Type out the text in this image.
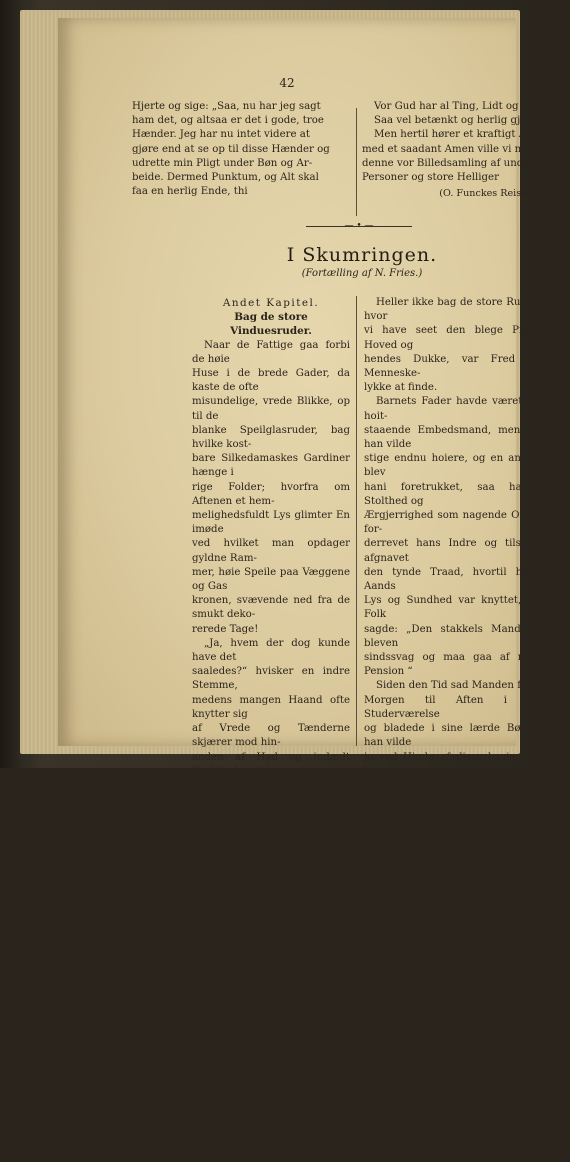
42

Hjerte og sige: „Saa, nu har jeg sagt

ham det, og altsaa er det i gode, troe

Hænder. Jeg har nu intet videre at

gjøre end at se op til disse Hænder og

udrette min Pligt under Bøn og Ar-

beide. Dermed Punktum, og Alt skal

faa en herlig Ende, thi

Vor Gud har al Ting, Lidt og Stort,

Saa vel betænkt og herlig gjort!

Men hertil hører et kraftigt Amen, og

med et saadant Amen ville vi nu forlade

denne vor Billedsamling af underlige

Personer og store Helliger

(O. Funckes Reiseb lleder.)

— • —
I Skumringen.
(Fortælling af N. Fries.)

Andet Kapitel.

Bag de store Vinduesruder.

Naar de Fattige gaa forbi de høie

Huse i de brede Gader, da kaste de ofte

misundelige, vrede Blikke, op til de

blanke Speilglasruder, bag hvilke kost-

bare Silkedamaskes Gardiner hænge i

rige Folder; hvorfra om Aftenen et hem-

melighedsfuldt Lys glimter En imøde

ved hvilket man opdager gyldne Ram-

mer, høie Speile paa Væggene og Gas

kronen, svævende ned fra de smukt deko-

rerede Tage!

„Ja, hvem der dog kunde have det

saaledes?“ hvisker en indre Stemme,

medens mangen Haand ofte knytter sig

af Vrede og Tænderne skjærer mod hin-

anden af Had og indædt Forbitrelse; thi

derhjemme er Hunger og Sorg, og de

nøgne Vægge stirrer ned paa de blege

Ansigters Elendighed

Men dersom Armoden vidste, hvad

der ofte skjuler sig bag de blanke Ruder

og de rige Silkeforhæng, at Dunkelhed,

hele Livets og Menneskehjertets Mørke

ikke bliver lysere ved Gasbelysning —

at Hunger og Torst efter Lykke og Fred

aldrig bliver stillet ved det velbesatte

Taffel! — ak, da vilde vel mangen

knyttet Haand aabne sig og megen

Vrede forvandle sig til Sukke og Med-

lidenhed.

Heller ikke bag de store Ruder, hvor

vi have seet den blege Piges Hoved og

hendes Dukke, var Fred og Menneske-

lykke at finde.

Barnets Fader havde været en hoit-

staaende Embedsmand, men da han vilde

stige endnu hoiere, og en anden blev

hani foretrukket, saa havde Stolthed og

Ærgjerrighed som nagende Orme for-

derrevet hans Indre og tilsidst afgnavet

den tynde Traad, hvortil hans Aands

Lys og Sundhed var knyttet, og Folk

sagde: „Den stakkels Mand er bleven

sindssvag og maa gaa af med Pension “

Siden den Tid sad Manden fra

Morgen til Aften i sit Studerværelse

og bladede i sine lærde Bøger, han vilde

jo ved Hjælp af disse bevise, at han

havde lidt Uret — himmelskrigende Uret!

Saa bladede og søgte han uden nogen-

sinde at finde og komme tilende med sin

Søgen. Ofte var det vanskeligt at faa

ham til at spise og om Aftenen at bringe

ham til Ro, — han var jo ikke færdig

med sit Arbeide! Han bar altid store

Briller med dunkelblaat Glas, og Gar-

dinerne var altid tæt sammentrukne, —

saa laa hele Verden om ham i bestandig

Skumring, et Udtryk for den Dunkel-

hed, som havde lagt sig om hans arme

Sjæl.

I den modsatte Ende af den rumme-
